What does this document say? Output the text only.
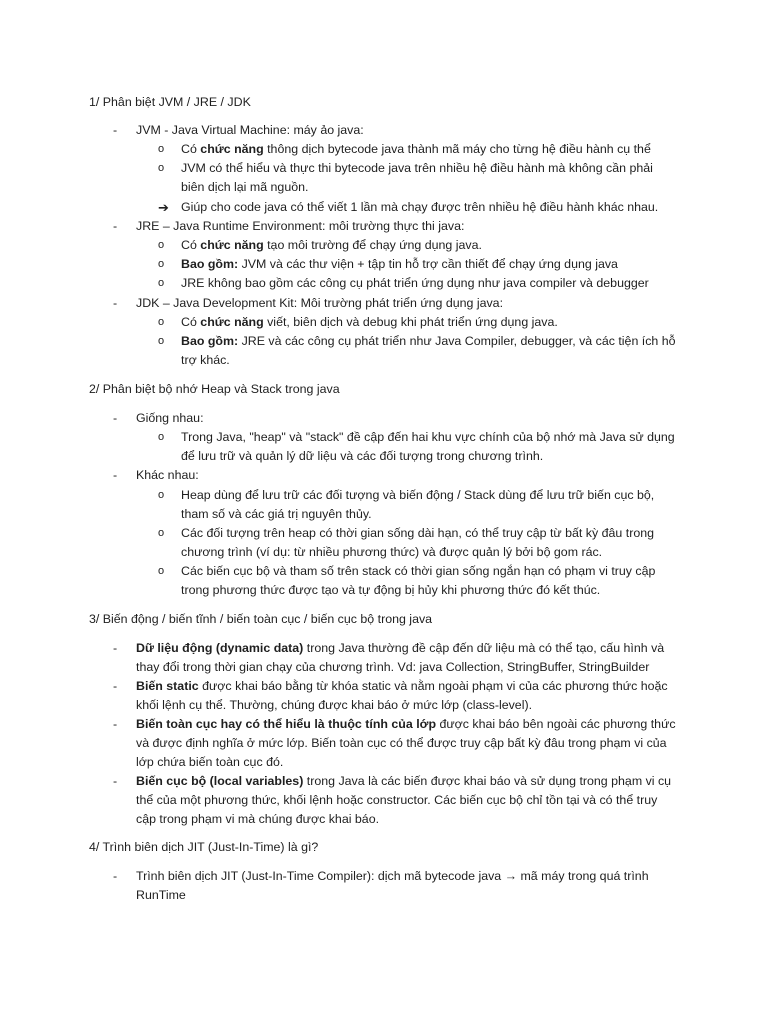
1/ Phân biệt JVM / JRE / JDK
- JVM - Java Virtual Machine: máy ảo java:
o Có chức năng thông dịch bytecode java thành mã máy cho từng hệ điều hành cụ thể
o JVM có thể hiểu và thực thi bytecode java trên nhiều hệ điều hành mà không cần phải
biên dịch lại mã nguồn.
➔ Giúp cho code java có thể viết 1 lần mà chạy được trên nhiều hệ điều hành khác nhau.
- JRE – Java Runtime Environment: môi trường thực thi java:
o Có chức năng tạo môi trường để chạy ứng dụng java.
o Bao gồm: JVM và các thư viện + tập tin hỗ trợ cần thiết để chạy ứng dụng java
o JRE không bao gồm các công cụ phát triển ứng dụng như java compiler và debugger
- JDK – Java Development Kit: Môi trường phát triển ứng dụng java:
o Có chức năng viết, biên dịch và debug khi phát triển ứng dụng java.
o Bao gồm: JRE và các công cụ phát triển như Java Compiler, debugger, và các tiện ích hỗ
trợ khác.
2/ Phân biệt bộ nhớ Heap và Stack trong java
- Giống nhau:
o Trong Java, "heap" và "stack" đề cập đến hai khu vực chính của bộ nhớ mà Java sử dụng
để lưu trữ và quản lý dữ liệu và các đối tượng trong chương trình.
- Khác nhau:
o Heap dùng để lưu trữ các đối tượng và biến động / Stack dùng để lưu trữ biến cục bộ,
tham số và các giá trị nguyên thủy.
o Các đối tượng trên heap có thời gian sống dài hạn, có thể truy cập từ bất kỳ đâu trong
chương trình (ví dụ: từ nhiều phương thức) và được quản lý bởi bộ gom rác.
o Các biến cục bộ và tham số trên stack có thời gian sống ngắn hạn có phạm vi truy cập
trong phương thức được tạo và tự động bị hủy khi phương thức đó kết thúc.
3/ Biến động / biến tĩnh / biến toàn cục / biến cục bộ trong java
- Dữ liệu động (dynamic data) trong Java thường đề cập đến dữ liệu mà có thể tạo, cấu hình và
thay đổi trong thời gian chạy của chương trình. Vd: java Collection, StringBuffer, StringBuilder
- Biến static được khai báo bằng từ khóa static và nằm ngoài phạm vi của các phương thức hoặc
khối lệnh cụ thể. Thường, chúng được khai báo ở mức lớp (class-level).
- Biến toàn cục hay có thể hiểu là thuộc tính của lớp được khai báo bên ngoài các phương thức
và được định nghĩa ở mức lớp. Biến toàn cục có thể được truy cập bất kỳ đâu trong phạm vi của
lớp chứa biến toàn cục đó.
- Biến cục bộ (local variables) trong Java là các biến được khai báo và sử dụng trong phạm vi cụ
thể của một phương thức, khối lệnh hoặc constructor. Các biến cục bộ chỉ tồn tại và có thể truy
cập trong phạm vi mà chúng được khai báo.
4/ Trình biên dịch JIT (Just-In-Time) là gì?
- Trình biên dịch JIT (Just-In-Time Compiler): dịch mã bytecode java → mã máy trong quá trình
RunTime
